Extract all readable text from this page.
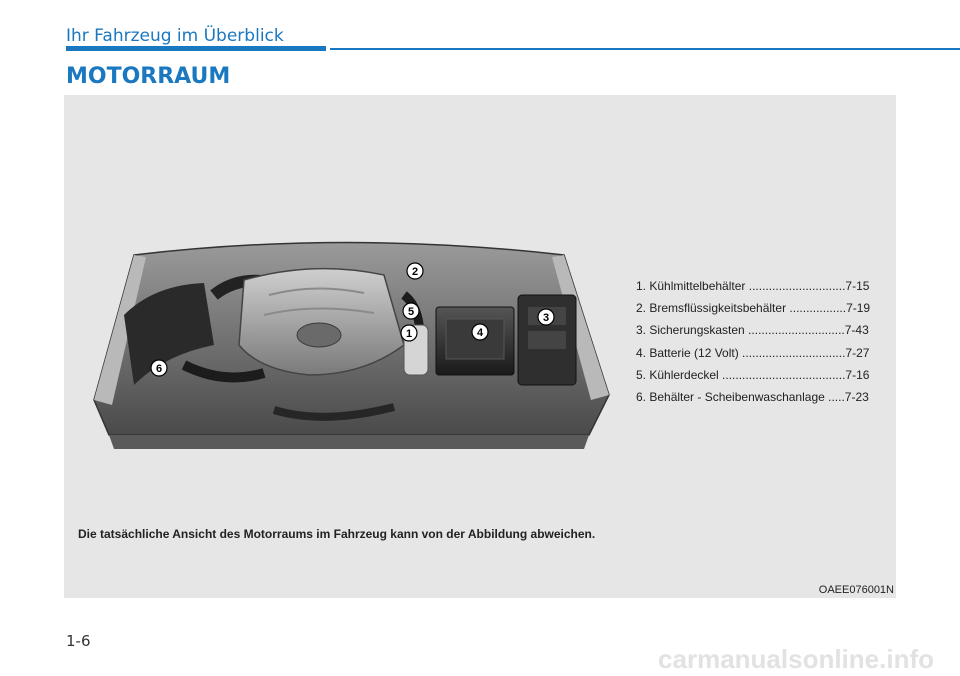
Ihr Fahrzeug im Überblick
MOTORRAUM
1
2
3
4
5
6
1. Kühlmittelbehälter .............................7-15
2. Bremsflüssigkeitsbehälter .................7-19
3. Sicherungskasten .............................7-43
4. Batterie (12 Volt) ...............................7-27
5. Kühlerdeckel .....................................7-16
6. Behälter - Scheibenwaschanlage .....7-23
Die tatsächliche Ansicht des Motorraums im Fahrzeug kann von der Abbildung abweichen.
OAEE076001N
1-6
carmanualsonline.info
